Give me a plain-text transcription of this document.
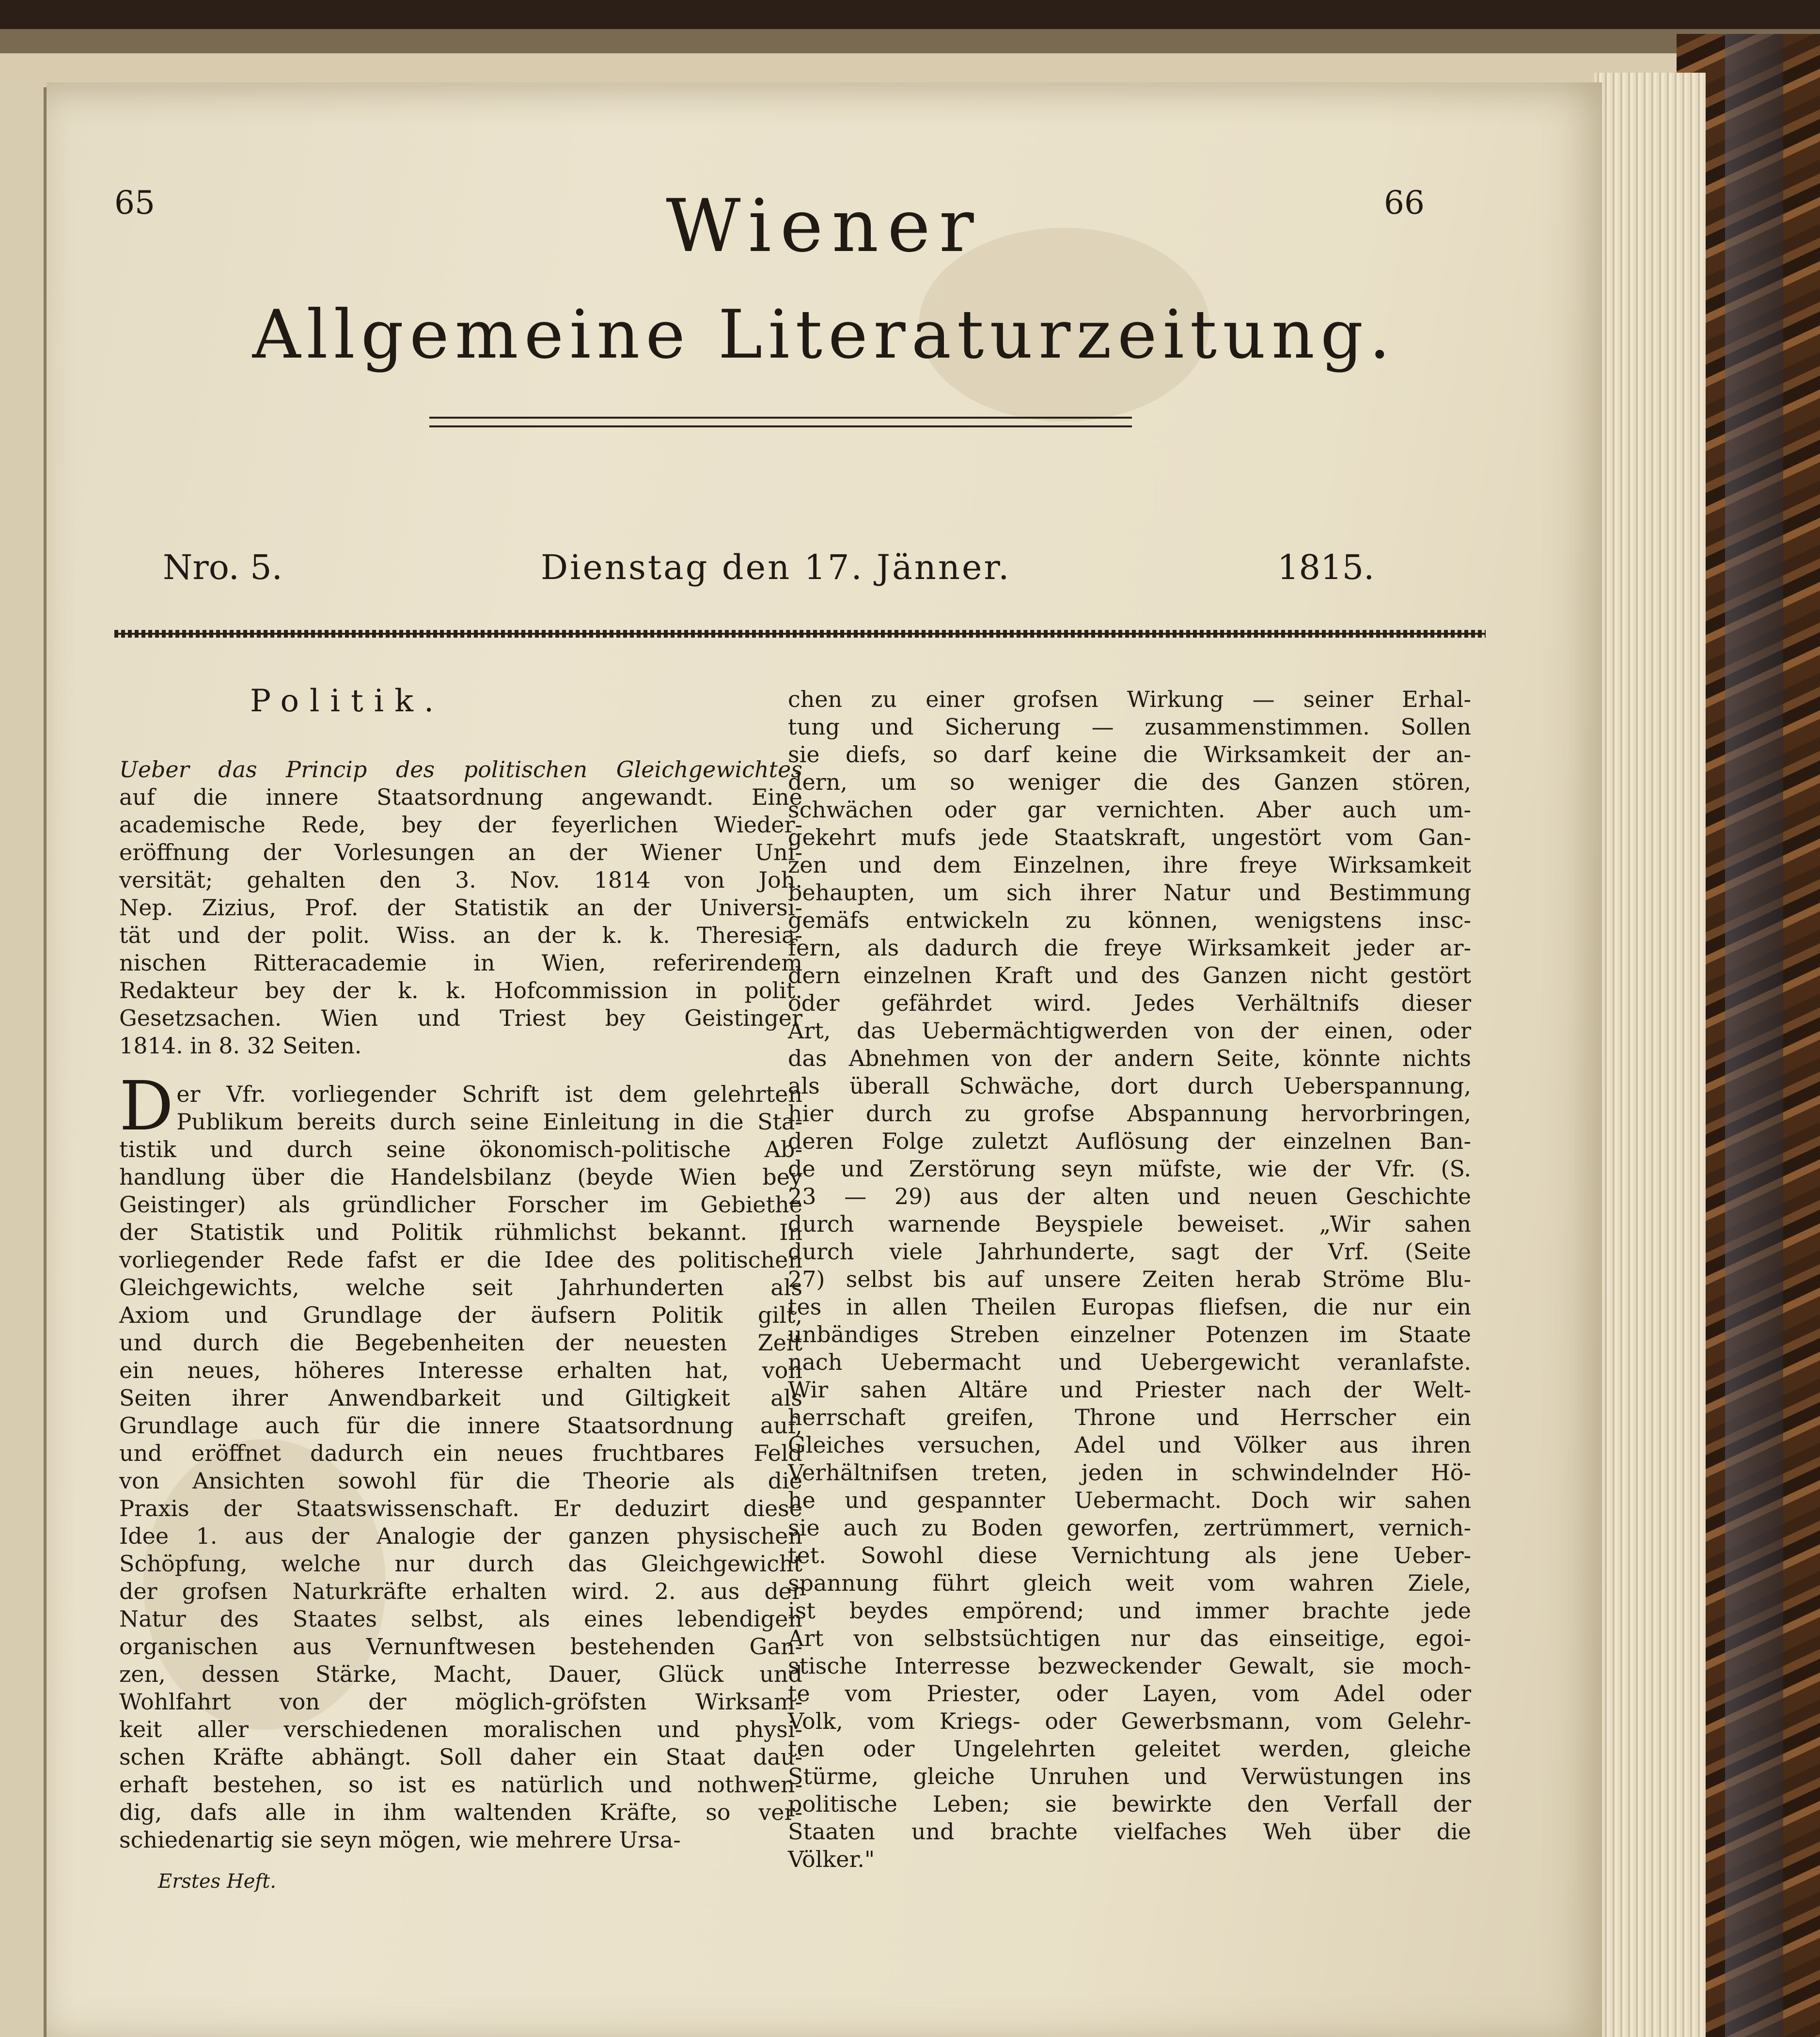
65	66
Wiener
Allgemeine Literaturzeitung.
Nro. 5.	Dienstag den 17. Jänner.	1815.
Politik.
Ueber das Princip des politischen Gleichgewichtes
auf die innere Staatsordnung angewandt. Eine
academische Rede, bey der feyerlichen Wieder-
eröffnung der Vorlesungen an der Wiener Uni-
versität; gehalten den 3. Nov. 1814 von Joh.
Nep. Zizius, Prof. der Statistik an der Universi-
tät und der polit. Wiss. an der k. k. Theresia-
nischen Ritteracademie in Wien, referirendem
Redakteur bey der k. k. Hofcommission in polit.
Gesetzsachen. Wien und Triest bey Geistinger
1814. in 8. 32 Seiten.
D er Vfr. vorliegender Schrift ist dem gelehrten
Publikum bereits durch seine Einleitung in die Sta-
tistik und durch seine ökonomisch-politische Ab-
handlung über die Handelsbilanz (beyde Wien bey
Geistinger) als gründlicher Forscher im Gebiethe
der Statistik und Politik rühmlichst bekannt. In
vorliegender Rede fafst er die Idee des politischen
Gleichgewichts, welche seit Jahrhunderten als
Axiom und Grundlage der äufsern Politik gilt,
und durch die Begebenheiten der neuesten Zeit
ein neues, höheres Interesse erhalten hat, von
Seiten ihrer Anwendbarkeit und Giltigkeit als
Grundlage auch für die innere Staatsordnung auf,
und eröffnet dadurch ein neues fruchtbares Feld
von Ansichten sowohl für die Theorie als die
Praxis der Staatswissenschaft. Er deduzirt diese
Idee 1. aus der Analogie der ganzen physischen
Schöpfung, welche nur durch das Gleichgewicht
der grofsen Naturkräfte erhalten wird. 2. aus der
Natur des Staates selbst, als eines lebendigen
organischen aus Vernunftwesen bestehenden Gan-
zen, dessen Stärke, Macht, Dauer, Glück und
Wohlfahrt von der möglich-gröfsten Wirksam-
keit aller verschiedenen moralischen und physi-
schen Kräfte abhängt. Soll daher ein Staat dau-
erhaft bestehen, so ist es natürlich und nothwen-
dig, dafs alle in ihm waltenden Kräfte, so ver-
schiedenartig sie seyn mögen, wie mehrere Ursa-
chen zu einer grofsen Wirkung — seiner Erhal-
tung und Sicherung — zusammenstimmen. Sollen
sie diefs, so darf keine die Wirksamkeit der an-
dern, um so weniger die des Ganzen stören,
schwächen oder gar vernichten. Aber auch um-
gekehrt mufs jede Staatskraft, ungestört vom Gan-
zen und dem Einzelnen, ihre freye Wirksamkeit
behaupten, um sich ihrer Natur und Bestimmung
gemäfs entwickeln zu können, wenigstens insc-
fern, als dadurch die freye Wirksamkeit jeder ar-
dern einzelnen Kraft und des Ganzen nicht gestört
oder gefährdet wird. Jedes Verhältnifs dieser
Art, das Uebermächtigwerden von der einen, oder
das Abnehmen von der andern Seite, könnte nichts
als überall Schwäche, dort durch Ueberspannung,
hier durch zu grofse Abspannung hervorbringen,
deren Folge zuletzt Auflösung der einzelnen Ban-
de und Zerstörung seyn müfste, wie der Vfr. (S.
23 — 29) aus der alten und neuen Geschichte
durch warnende Beyspiele beweiset. „Wir sahen
durch viele Jahrhunderte, sagt der Vrf. (Seite
27) selbst bis auf unsere Zeiten herab Ströme Blu-
tes in allen Theilen Europas fliefsen, die nur ein
unbändiges Streben einzelner Potenzen im Staate
nach Uebermacht und Uebergewicht veranlafste.
Wir sahen Altäre und Priester nach der Welt-
herrschaft greifen, Throne und Herrscher ein
Gleiches versuchen, Adel und Völker aus ihren
Verhältnifsen treten, jeden in schwindelnder Hö-
he und gespannter Uebermacht. Doch wir sahen
sie auch zu Boden geworfen, zertrümmert, vernich-
tet. Sowohl diese Vernichtung als jene Ueber-
spannung führt gleich weit vom wahren Ziele,
ist beydes empörend; und immer brachte jede
Art von selbstsüchtigen nur das einseitige, egoi-
stische Interresse bezweckender Gewalt, sie moch-
te vom Priester, oder Layen, vom Adel oder
Volk, vom Kriegs- oder Gewerbsmann, vom Gelehr-
ten oder Ungelehrten geleitet werden, gleiche
Stürme, gleiche Unruhen und Verwüstungen ins
politische Leben; sie bewirkte den Verfall der
Staaten und brachte vielfaches Weh über die
Völker."
Erstes Heft.
